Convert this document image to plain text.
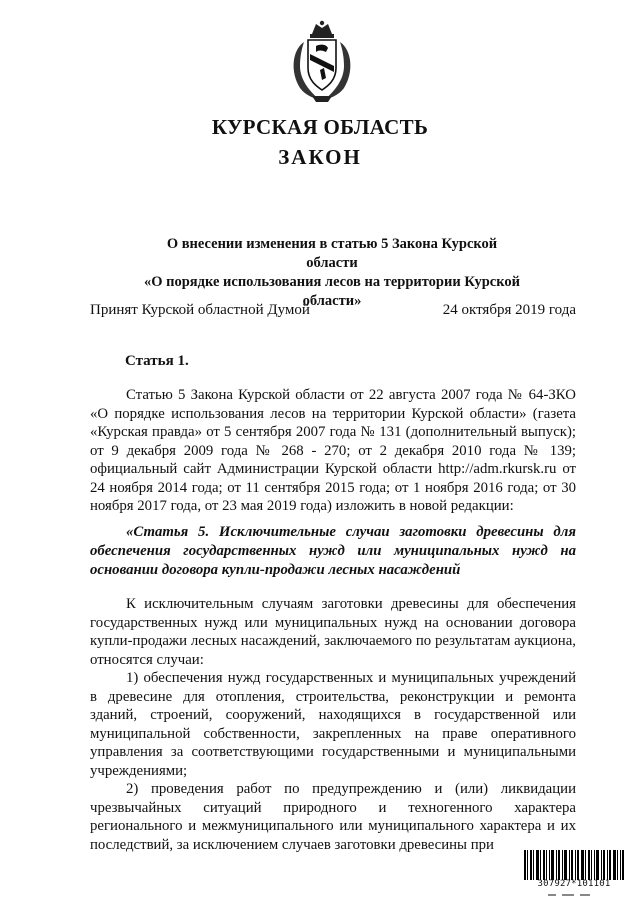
КУРСКАЯ ОБЛАСТЬ
ЗАКОН
О внесении изменения в статью 5 Закона Курской области
«О порядке использования лесов на территории Курской
области»
Принят Курской областной Думой	24 октября 2019 года
Статья 1.

Статью 5 Закона Курской области от 22 августа 2007 года № 64-ЗКО «О порядке использования лесов на территории Курской области» (газета «Курская правда» от 5 сентября 2007 года № 131 (дополнительный выпуск); от 9 декабря 2009 года № 268 - 270; от 2 декабря 2010 года № 139; официальный сайт Администрации Курской области http://adm.rkursk.ru от 24 ноября 2014 года; от 11 сентября 2015 года; от 1 ноября 2016 года; от 30 ноября 2017 года, от 23 мая 2019 года) изложить в новой редакции:

«Статья 5. Исключительные случаи заготовки древесины для обеспечения государственных нужд или муниципальных нужд на основании договора купли-продажи лесных насаждений

К исключительным случаям заготовки древесины для обеспечения государственных нужд или муниципальных нужд на основании договора купли-продажи лесных насаждений, заключаемого по результатам аукциона, относятся случаи:

1) обеспечения нужд государственных и муниципальных учреждений в древесине для отопления, строительства, реконструкции и ремонта зданий, строений, сооружений, находящихся в государственной или муниципальной собственности, закрепленных на праве оперативного управления за соответствующими государственными и муниципальными учреждениями;

2) проведения работ по предупреждению и (или) ликвидации чрезвычайных ситуаций природного и техногенного характера регионального и межмуниципального или муниципального характера и их последствий, за исключением случаев заготовки древесины при

307927*101101
